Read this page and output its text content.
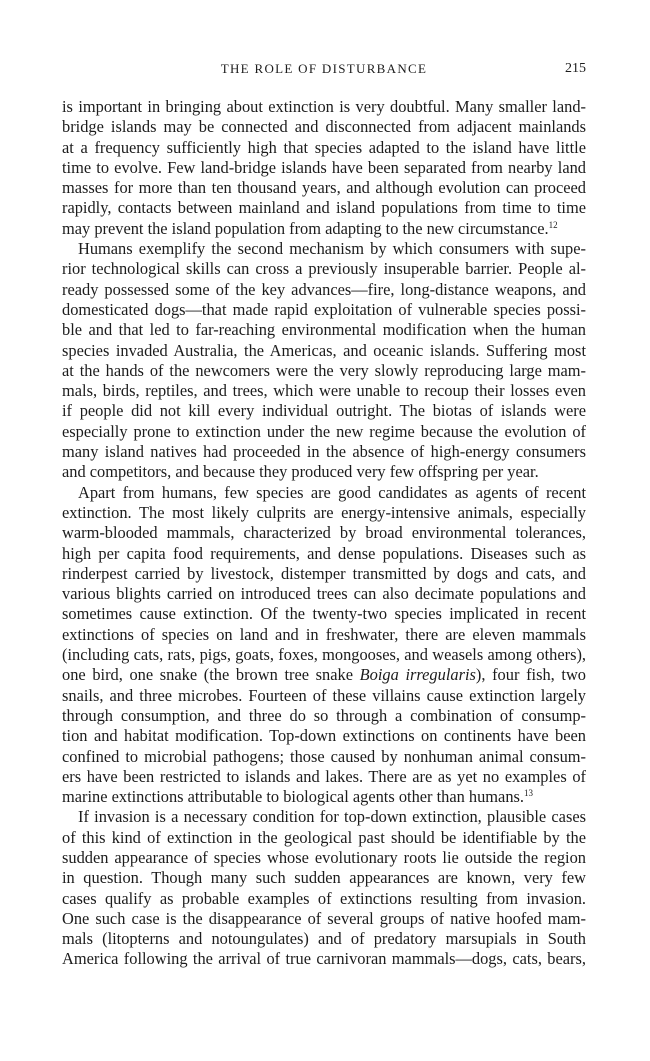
THE ROLE OF DISTURBANCE	215
is important in bringing about extinction is very doubtful. Many smaller land-
bridge islands may be connected and disconnected from adjacent mainlands
at a frequency sufficiently high that species adapted to the island have little
time to evolve. Few land-bridge islands have been separated from nearby land
masses for more than ten thousand years, and although evolution can proceed
rapidly, contacts between mainland and island populations from time to time
may prevent the island population from adapting to the new circumstance.$^{12}$
Humans exemplify the second mechanism by which consumers with supe-
rior technological skills can cross a previously insuperable barrier. People al-
ready possessed some of the key advances—fire, long-distance weapons, and
domesticated dogs—that made rapid exploitation of vulnerable species possi-
ble and that led to far-reaching environmental modification when the human
species invaded Australia, the Americas, and oceanic islands. Suffering most
at the hands of the newcomers were the very slowly reproducing large mam-
mals, birds, reptiles, and trees, which were unable to recoup their losses even
if people did not kill every individual outright. The biotas of islands were
especially prone to extinction under the new regime because the evolution of
many island natives had proceeded in the absence of high-energy consumers
and competitors, and because they produced very few offspring per year.
Apart from humans, few species are good candidates as agents of recent
extinction. The most likely culprits are energy-intensive animals, especially
warm-blooded mammals, characterized by broad environmental tolerances,
high per capita food requirements, and dense populations. Diseases such as
rinderpest carried by livestock, distemper transmitted by dogs and cats, and
various blights carried on introduced trees can also decimate populations and
sometimes cause extinction. Of the twenty-two species implicated in recent
extinctions of species on land and in freshwater, there are eleven mammals
(including cats, rats, pigs, goats, foxes, mongooses, and weasels among others),
one bird, one snake (the brown tree snake Boiga irregularis), four fish, two
snails, and three microbes. Fourteen of these villains cause extinction largely
through consumption, and three do so through a combination of consump-
tion and habitat modification. Top-down extinctions on continents have been
confined to microbial pathogens; those caused by nonhuman animal consum-
ers have been restricted to islands and lakes. There are as yet no examples of
marine extinctions attributable to biological agents other than humans.$^{13}$
If invasion is a necessary condition for top-down extinction, plausible cases
of this kind of extinction in the geological past should be identifiable by the
sudden appearance of species whose evolutionary roots lie outside the region
in question. Though many such sudden appearances are known, very few
cases qualify as probable examples of extinctions resulting from invasion.
One such case is the disappearance of several groups of native hoofed mam-
mals (litopterns and notoungulates) and of predatory marsupials in South
America following the arrival of true carnivoran mammals—dogs, cats, bears,
